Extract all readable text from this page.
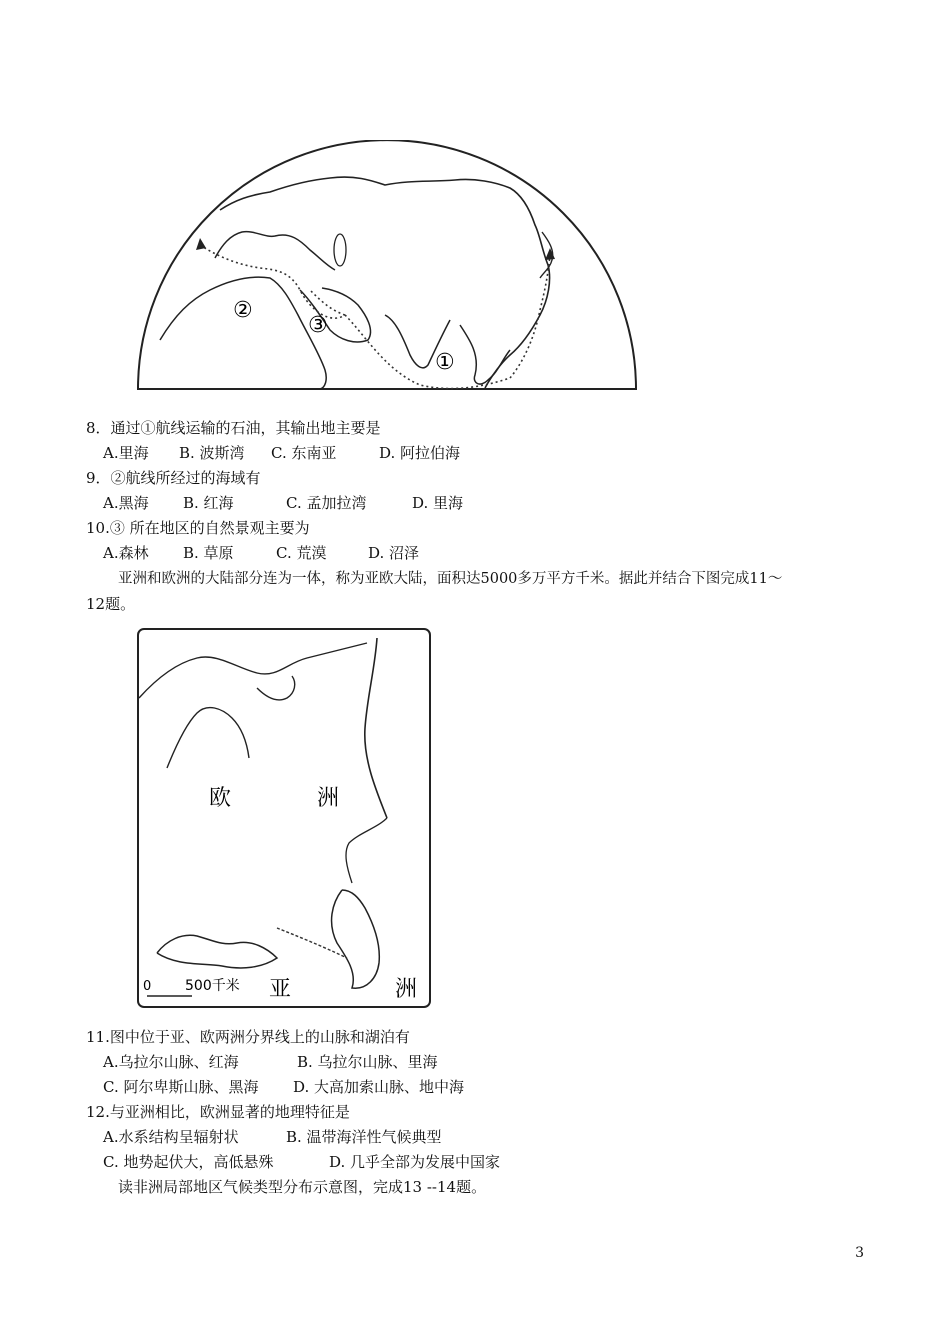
①
②
③
8．通过①航线运输的石油，其输出地主要是
A.里海 B. 波斯湾 C. 东南亚	D. 阿拉伯海
9．②航线所经过的海域有
A.黑海 B. 红海	C. 孟加拉湾	D. 里海
10.③ 所在地区的自然景观主要为
A.森林 B. 草原	C. 荒漠	D. 沼泽
亚洲和欧洲的大陆部分连为一体，称为亚欧大陆，面积达5000多万平方千米。据此并结合下图完成11～
12题。
欧	洲
亚	洲
0 500千米
11.图中位于亚、欧两洲分界线上的山脉和湖泊有
A.乌拉尔山脉、红海	B. 乌拉尔山脉、里海
C. 阿尔卑斯山脉、黑海 D. 大高加索山脉、地中海
12.与亚洲相比，欧洲显著的地理特征是
A.水系结构呈辐射状	B. 温带海洋性气候典型
C. 地势起伏大，高低悬殊	D. 几乎全部为发展中国家
读非洲局部地区气候类型分布示意图，完成13 --14题。
3
